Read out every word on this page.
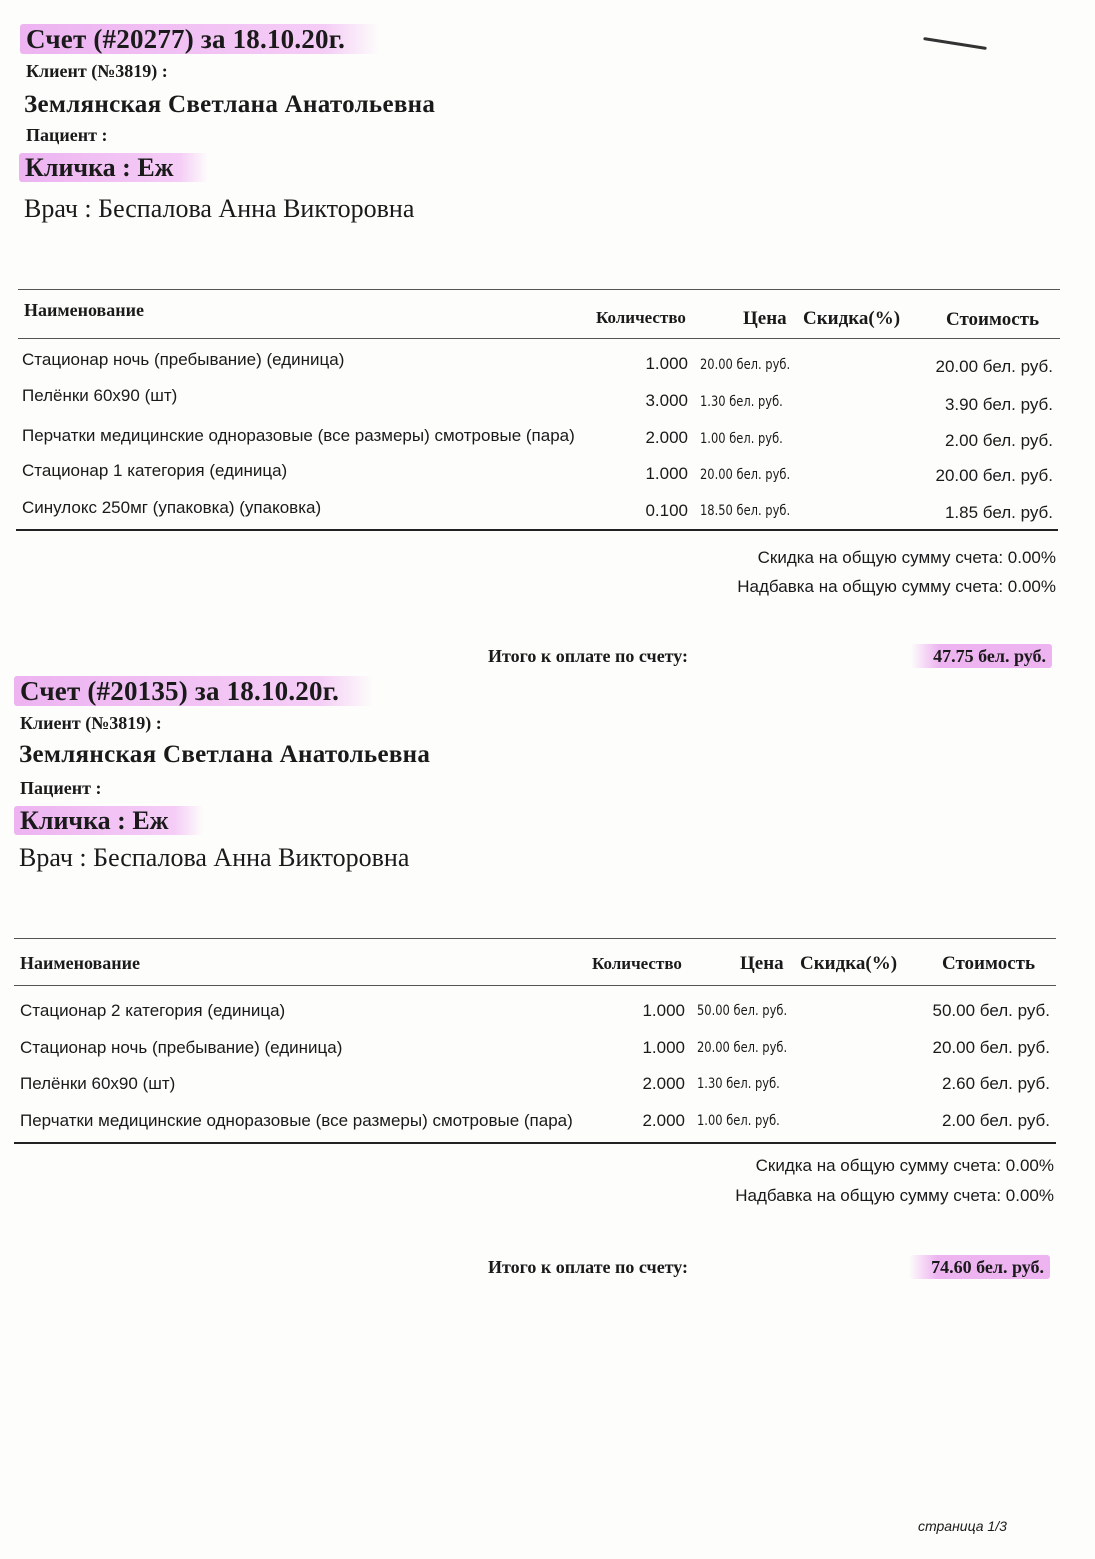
Счет (#20277) за 18.10.20г.
Клиент (№3819) :
Землянская Светлана Анатольевна
Пациент :
Кличка : Еж
Врач : Беспалова Анна Викторовна
Наименование	Количество	Цена Скидка(%) Стоимость
Стационар ночь (пребывание) (единица)	1.000 20.00 бел. руб.	20.00 бел. руб.
Пелёнки 60x90 (шт)	3.000 1.30 бел. руб.	3.90 бел. руб.
Перчатки медицинские одноразовые (все размеры) смотровые (пара)	2.000 1.00 бел. руб.	2.00 бел. руб.
Стационар 1 категория (единица)	1.000 20.00 бел. руб.	20.00 бел. руб.
Синулокс 250мг (упаковка) (упаковка)	0.100 18.50 бел. руб.	1.85 бел. руб.
Скидка на общую сумму счета: 0.00%
Надбавка на общую сумму счета: 0.00%
Итого к оплате по счету:	47.75 бел. руб.
Счет (#20135) за 18.10.20г.
Клиент (№3819) :
Землянская Светлана Анатольевна
Пациент :
Кличка : Еж
Врач : Беспалова Анна Викторовна
Наименование	Количество	Цена Скидка(%) Стоимость
Стационар 2 категория (единица)	1.000 50.00 бел. руб.	50.00 бел. руб.
Стационар ночь (пребывание) (единица)	1.000 20.00 бел. руб.	20.00 бел. руб.
Пелёнки 60x90 (шт)	2.000 1.30 бел. руб.	2.60 бел. руб.
Перчатки медицинские одноразовые (все размеры) смотровые (пара)	2.000 1.00 бел. руб.	2.00 бел. руб.
Скидка на общую сумму счета: 0.00%
Надбавка на общую сумму счета: 0.00%
Итого к оплате по счету:	74.60 бел. руб.
страница 1/3
